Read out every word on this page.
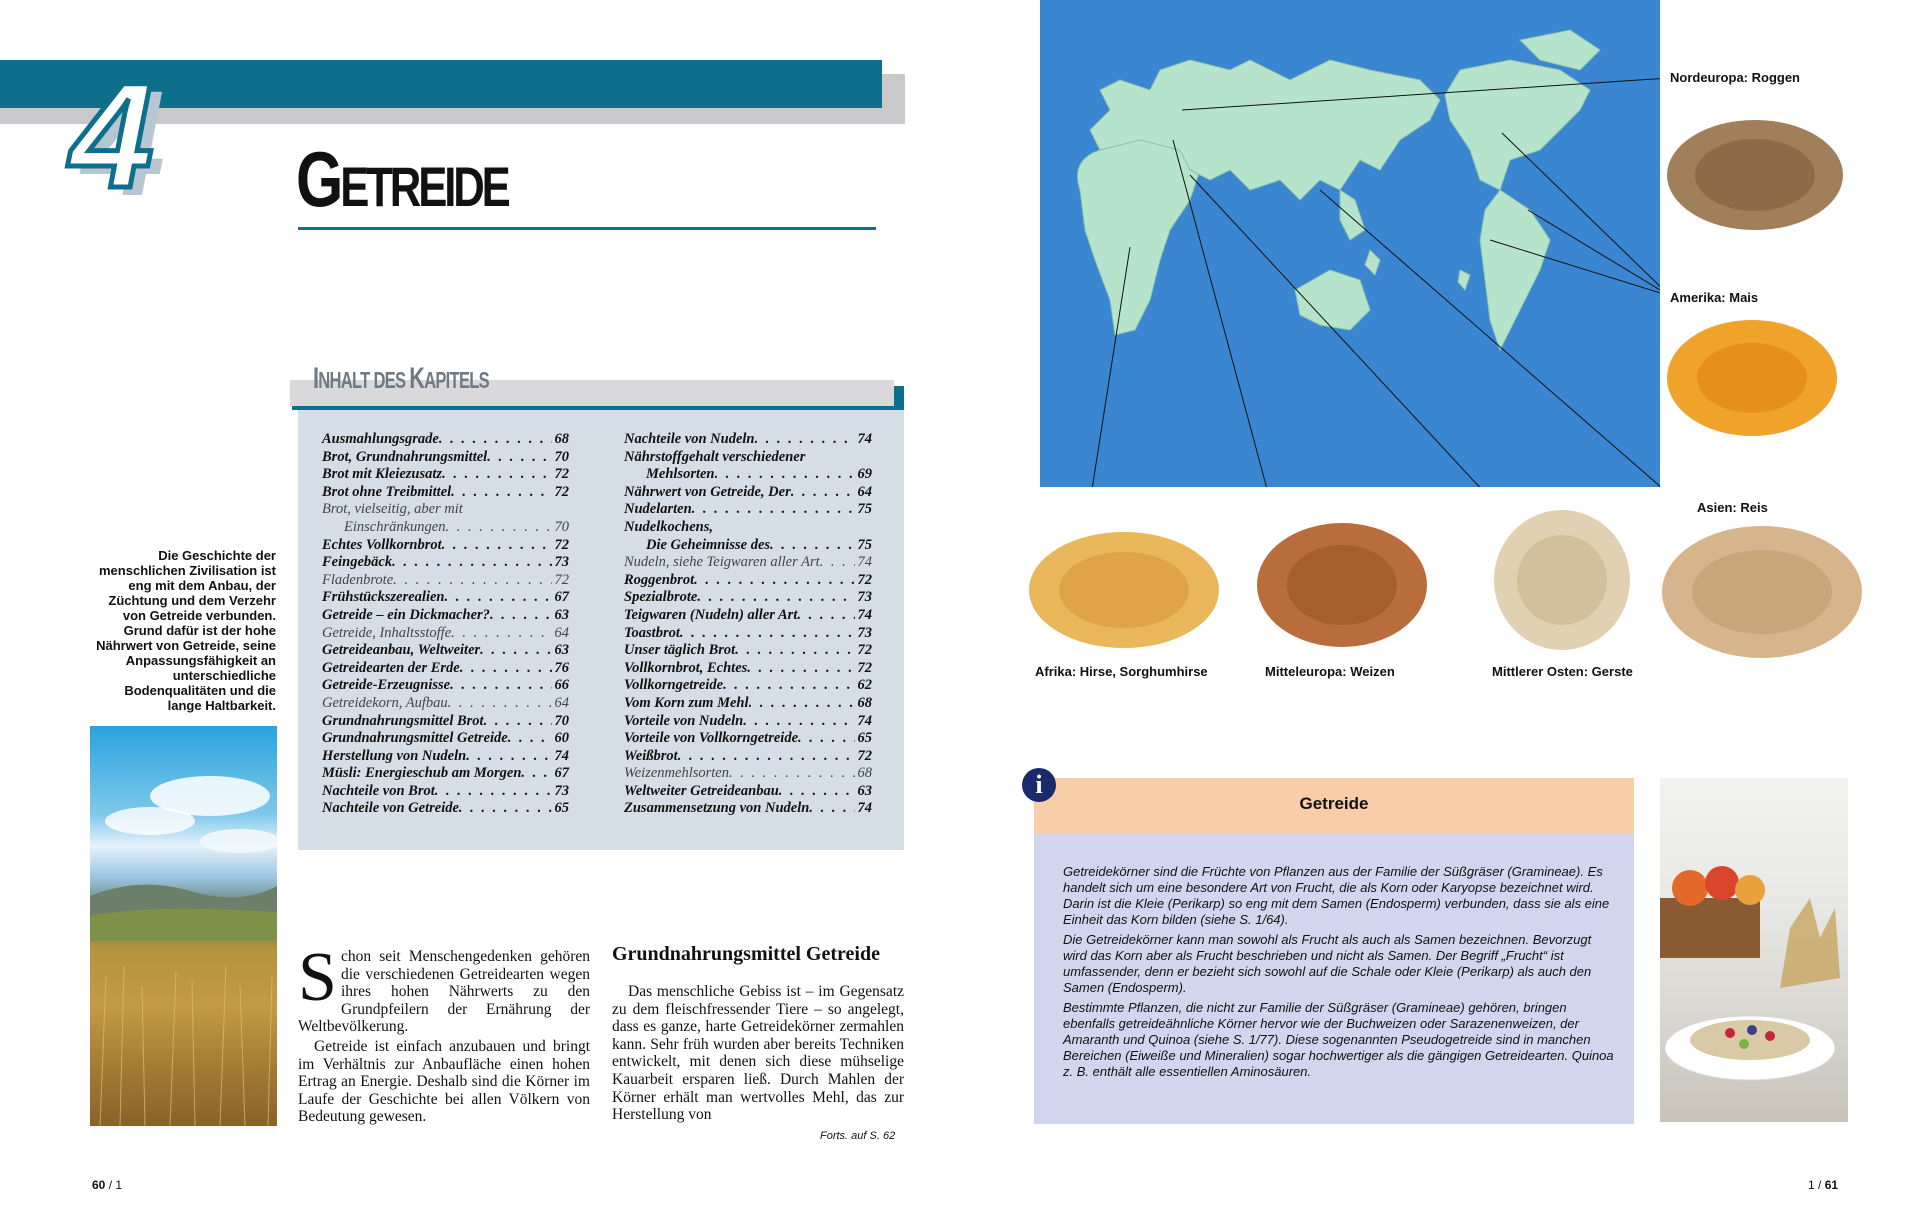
4 GETREIDE
INHALT DES KAPITELS
Ausmahlungsgrade . . .	68
Brot, Grundnahrungsmittel . . .	70
Brot mit Kleiezusatz . . .	72
Brot ohne Treibmittel . . .	72
Brot, vielseitig, aber mit
Einschränkungen . . .	70
Echtes Vollkornbrot . . .	72
Feingebäck . . .	73
Fladenbrote . . .	72
Frühstückszerealien . . .	67
Getreide – ein Dickmacher? . . .	63
Getreide, Inhaltsstoffe . . .	64
Getreideanbau, Weltweiter . . .	63
Getreidearten der Erde . . .	76
Getreide-Erzeugnisse . . .	66
Getreidekorn, Aufbau . . .	64
Grundnahrungsmittel Brot . . .	70
Grundnahrungsmittel Getreide . . .	60
Herstellung von Nudeln . . .	74
Müsli: Energieschub am Morgen . . . 67
Nachteile von Brot . . .	73
Nachteile von Getreide . . .	65
Nachteile von Nudeln . . .	74
Nährstoffgehalt verschiedener
Mehlsorten . . .	69
Nährwert von Getreide, Der . . .	64
Nudelarten . . .	75
Nudelkochens,
Die Geheimnisse des . . .	75
Nudeln, siehe Teigwaren aller Art . . .	74
Roggenbrot . . .	72
Spezialbrote . . .	73
Teigwaren (Nudeln) aller Art . . .	74
Toastbrot . . .	73
Unser täglich Brot . . .	72
Vollkornbrot, Echtes . . .	72
Vollkorngetreide . . .	62
Vom Korn zum Mehl . . .	68
Vorteile von Nudeln . . .	74
Vorteile von Vollkorngetreide . . .	65
Weißbrot . . .	72
Weizenmehlsorten . . .	68
Weltweiter Getreideanbau . . .	63
Zusammensetzung von Nudeln . . .	74
Die Geschichte der menschlichen Zivilisation ist eng mit dem Anbau, der Züchtung und dem Verzehr von Getreide verbunden. Grund dafür ist der hohe Nährwert von Getreide, seine Anpassungsfähigkeit an unterschiedliche Bodenqualitäten und die lange Haltbarkeit.
Schon seit Menschengedenken gehören die verschiedenen Getreidearten wegen ihres hohen Nährwerts zu den Grundpfeilern der Ernährung der Weltbevölkerung.
Getreide ist einfach anzubauen und bringt im Verhältnis zur Anbaufläche einen hohen Ertrag an Energie. Deshalb sind die Körner im Laufe der Geschichte bei allen Völkern von Bedeutung gewesen.
Grundnahrungsmittel Getreide
Das menschliche Gebiss ist – im Gegensatz zu dem fleischfressender Tiere – so angelegt, dass es ganze, harte Getreidekörner zermahlen kann. Sehr früh wurden aber bereits Techniken entwickelt, mit denen sich diese mühselige Kauarbeit ersparen ließ. Durch Mahlen der Körner erhält man wertvolles Mehl, das zur Herstellung von
Forts. auf S. 62
60 / 1
Nordeuropa: Roggen
Amerika: Mais
Asien: Reis
Afrika: Hirse, Sorghumhirse	Mitteleuropa: Weizen	Mittlerer Osten: Gerste
i
Getreide

Getreidekörner sind die Früchte von Pflanzen aus der Familie der Süßgräser (Gramineae). Es handelt sich um eine besondere Art von Frucht, die als Korn oder Karyopse bezeichnet wird. Darin ist die Kleie (Perikarp) so eng mit dem Samen (Endosperm) verbunden, dass sie als eine Einheit das Korn bilden (siehe S. 1/64).

Die Getreidekörner kann man sowohl als Frucht als auch als Samen bezeichnen. Bevorzugt wird das Korn aber als Frucht beschrieben und nicht als Samen. Der Begriff „Frucht“ ist umfassender, denn er bezieht sich sowohl auf die Schale oder Kleie (Perikarp) als auch den Samen (Endosperm).

Bestimmte Pflanzen, die nicht zur Familie der Süßgräser (Gramineae) gehören, bringen ebenfalls getreideähnliche Körner hervor wie der Buchweizen oder Sarazenenweizen, der Amaranth und Quinoa (siehe S. 1/77). Diese sogenannten Pseudogetreide sind in manchen Bereichen (Eiweiße und Mineralien) sogar hochwertiger als die gängigen Getreidearten. Quinoa z. B. enthält alle essentiellen Aminosäuren.

1 / 61
